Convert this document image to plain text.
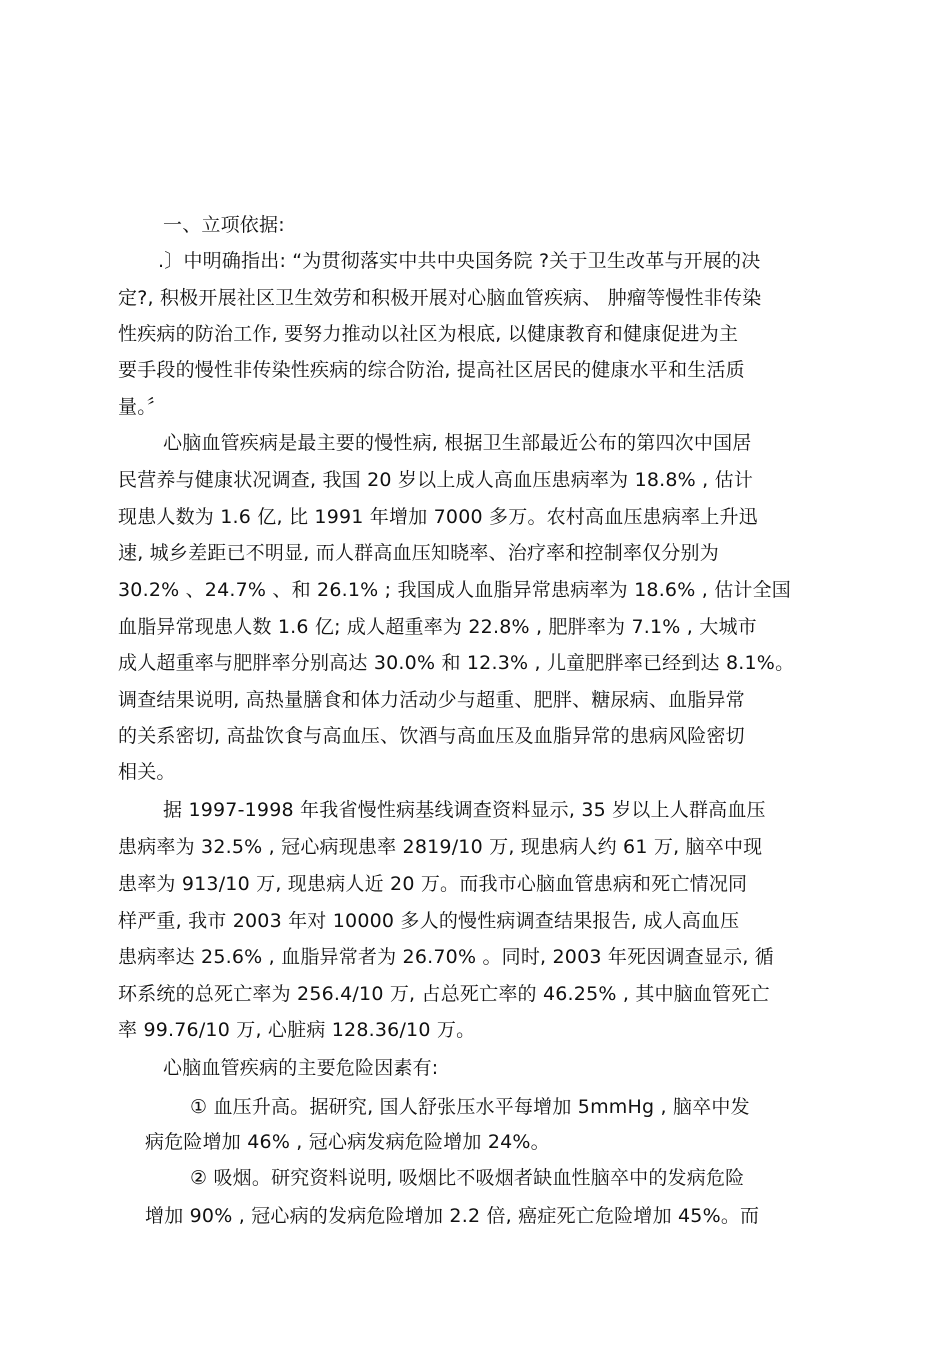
一、立项依据:
.〕中明确指出: “为贯彻落实中共中央国务院 ?关于卫生改革与开展的决
定?, 积极开展社区卫生效劳和积极开展对心脑血管疾病、 肿瘤等慢性非传染
性疾病的防治工作, 要努力推动以社区为根底, 以健康教育和健康促进为主
要手段的慢性非传染性疾病的综合防治, 提高社区居民的健康水平和生活质
量。〞
心脑血管疾病是最主要的慢性病, 根据卫生部最近公布的第四次中国居
民营养与健康状况调查, 我国 20 岁以上成人高血压患病率为 18.8% , 估计
现患人数为 1.6 亿, 比 1991 年增加 7000 多万。农村高血压患病率上升迅
速, 城乡差距已不明显, 而人群高血压知晓率、治疗率和控制率仅分别为
30.2% 、24.7% 、和 26.1% ; 我国成人血脂异常患病率为 18.6% , 估计全国
血脂异常现患人数 1.6 亿; 成人超重率为 22.8% , 肥胖率为 7.1% , 大城市
成人超重率与肥胖率分别高达 30.0% 和 12.3% , 儿童肥胖率已经到达 8.1%。
调查结果说明, 高热量膳食和体力活动少与超重、肥胖、糖尿病、血脂异常
的关系密切, 高盐饮食与高血压、饮酒与高血压及血脂异常的患病风险密切
相关。
据 1997-1998 年我省慢性病基线调查资料显示, 35 岁以上人群高血压
患病率为 32.5% , 冠心病现患率 2819/10 万, 现患病人约 61 万, 脑卒中现
患率为 913/10 万, 现患病人近 20 万。而我市心脑血管患病和死亡情况同
样严重, 我市 2003 年对 10000 多人的慢性病调查结果报告, 成人高血压
患病率达 25.6% , 血脂异常者为 26.70% 。同时, 2003 年死因调查显示, 循
环系统的总死亡率为 256.4/10 万, 占总死亡率的 46.25% , 其中脑血管死亡
率 99.76/10 万, 心脏病 128.36/10 万。
心脑血管疾病的主要危险因素有:
① 血压升高。据研究, 国人舒张压水平每增加 5mmHg , 脑卒中发
病危险增加 46% , 冠心病发病危险增加 24%。
② 吸烟。研究资料说明, 吸烟比不吸烟者缺血性脑卒中的发病危险
增加 90% , 冠心病的发病危险增加 2.2 倍, 癌症死亡危险增加 45%。而
